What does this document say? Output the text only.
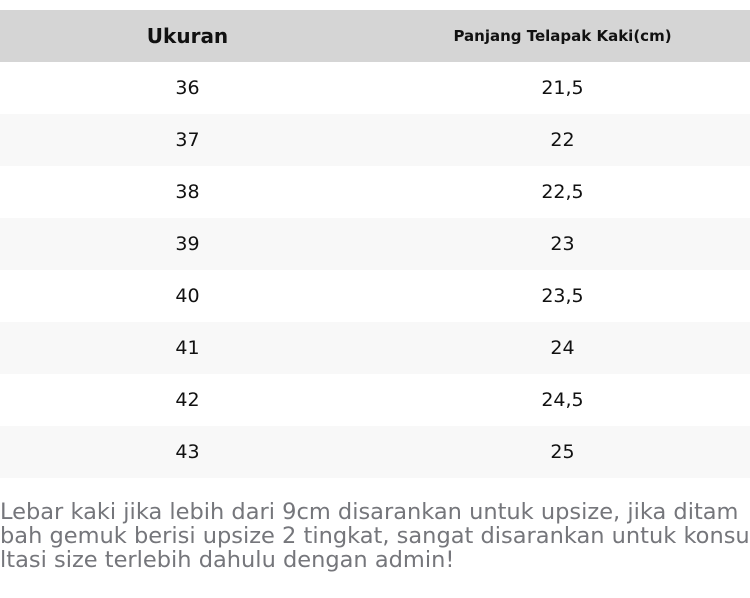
Ukuran	Panjang Telapak Kaki(cm)
36	21,5
37	22
38	22,5
39	23
40	23,5
41	24
42	24,5
43	25

Lebar kaki jika lebih dari 9cm disarankan untuk upsize, jika ditambah gemuk berisi upsize 2 tingkat, sangat disarankan untuk konsultasi size terlebih dahulu dengan admin!
